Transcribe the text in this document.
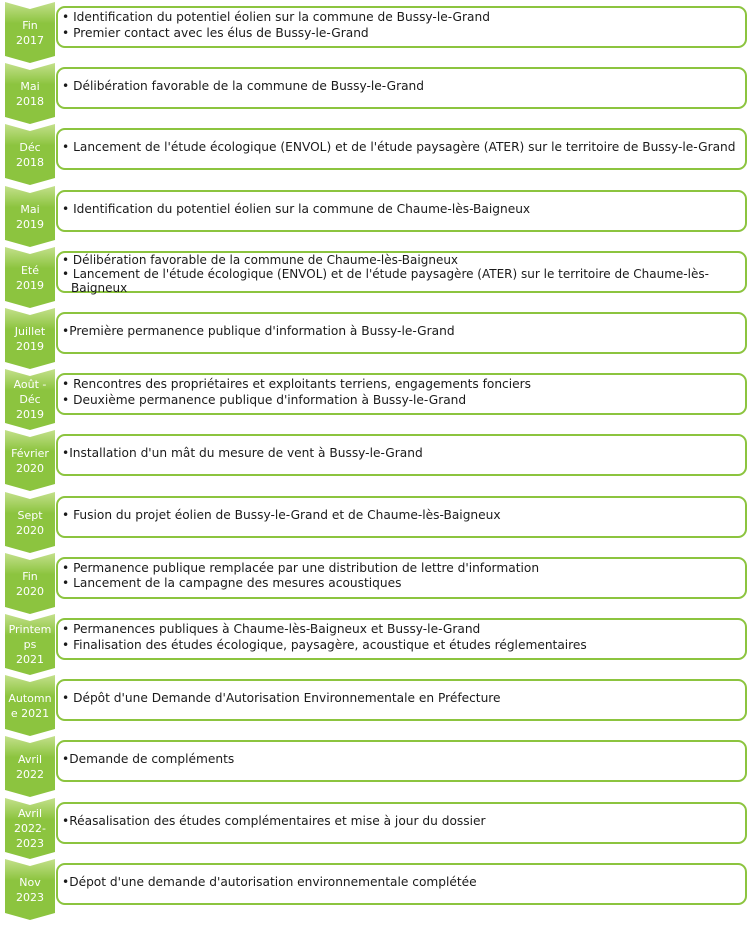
Fin
2017
• Identification du potentiel éolien sur la commune de Bussy-le-Grand
• Premier contact avec les élus de Bussy-le-Grand
Mai
2018
• Délibération favorable de la commune de Bussy-le-Grand
Déc
2018
• Lancement de l'étude écologique (ENVOL) et de l'étude paysagère (ATER) sur le territoire de Bussy-le-Grand
Mai
2019
• Identification du potentiel éolien sur la commune de Chaume-lès-Baigneux
Eté
2019
• Délibération favorable de la commune de Chaume-lès-Baigneux
• Lancement de l'étude écologique (ENVOL) et de l'étude paysagère (ATER) sur le territoire de Chaume-lès-Baigneux
Juillet
2019
•Première permanence publique d'information à Bussy-le-Grand
Août -
Déc
2019
• Rencontres des propriétaires et exploitants terriens, engagements fonciers
• Deuxième permanence publique d'information à Bussy-le-Grand
Février
2020
•Installation d'un mât du mesure de vent à Bussy-le-Grand
Sept
2020
• Fusion du projet éolien de Bussy-le-Grand et de Chaume-lès-Baigneux
Fin
2020
• Permanence publique remplacée par une distribution de lettre d'information
• Lancement de la campagne des mesures acoustiques
Printem
ps
2021
• Permanences publiques à Chaume-lès-Baigneux et Bussy-le-Grand
• Finalisation des études écologique, paysagère, acoustique et études réglementaires
Automn
e 2021
• Dépôt d'une Demande d'Autorisation Environnementale en Préfecture
Avril
2022
•Demande de compléments
Avril
2022-
2023
•Réasalisation des études complémentaires et mise à jour du dossier
Nov
2023
•Dépot d'une demande d'autorisation environnementale complétée
